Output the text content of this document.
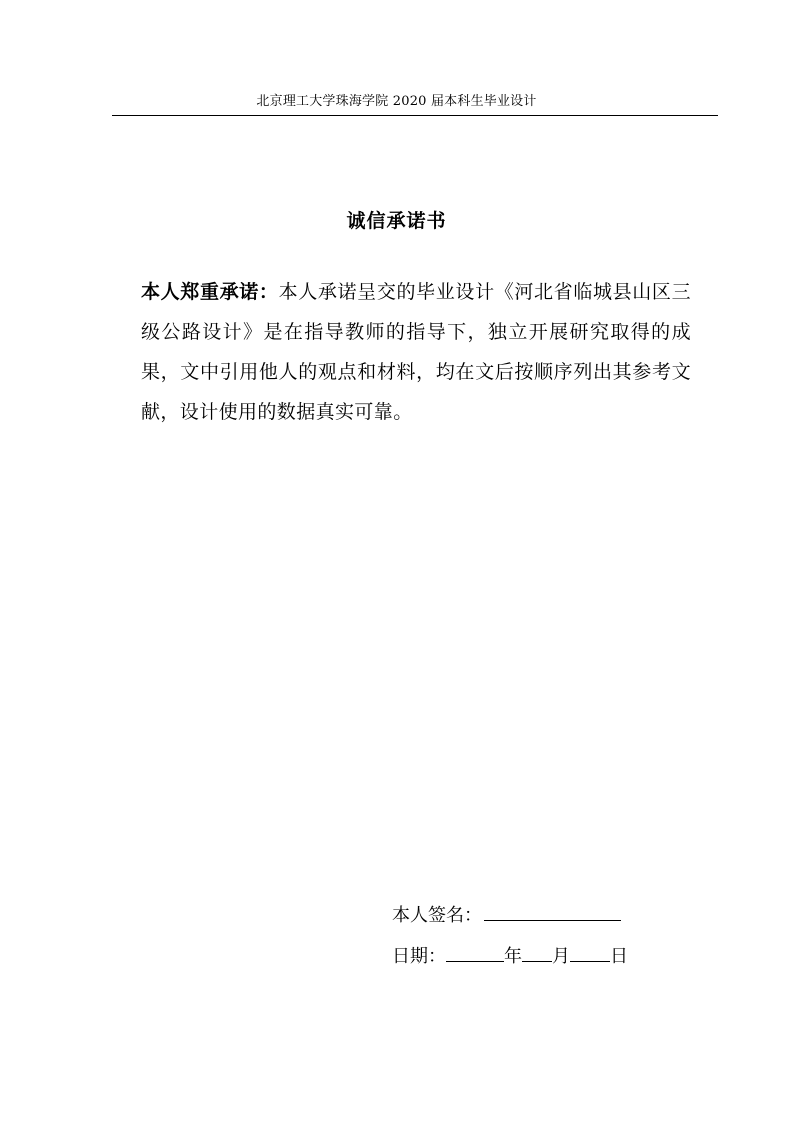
北京理工大学珠海学院 2020 届本科生毕业设计
诚信承诺书
本人郑重承诺：本人承诺呈交的毕业设计《河北省临城县山区三级公路设计》是在指导教师的指导下，独立开展研究取得的成果，文中引用他人的观点和材料，均在文后按顺序列出其参考文献，设计使用的数据真实可靠。
本人签名：
日期：	年 月 日
